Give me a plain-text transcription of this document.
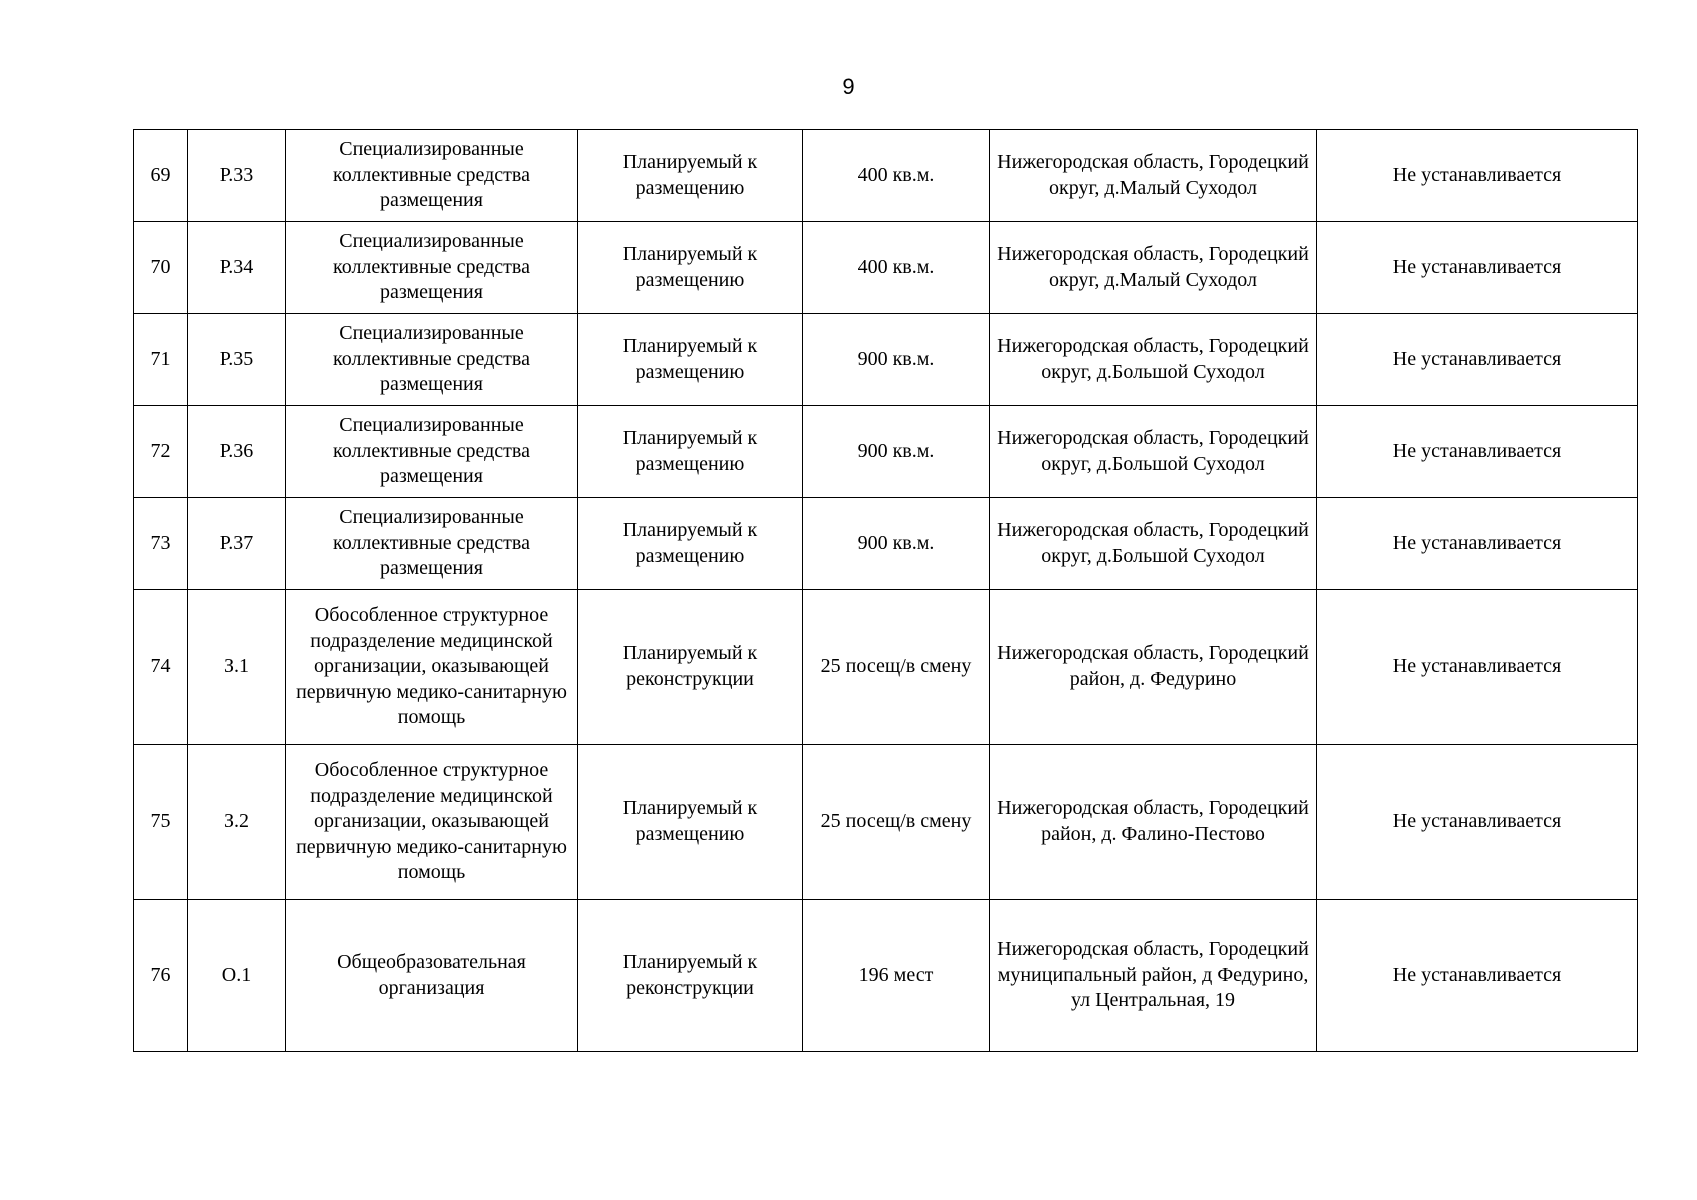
9
69	Р.33	Специализированные коллективные средства размещения	Планируемый к размещению	400 кв.м.	Нижегородская область, Городецкий округ, д.Малый Суходол	Не устанавливается
70	Р.34	Специализированные коллективные средства размещения	Планируемый к размещению	400 кв.м.	Нижегородская область, Городецкий округ, д.Малый Суходол	Не устанавливается
71	Р.35	Специализированные коллективные средства размещения	Планируемый к размещению	900 кв.м.	Нижегородская область, Городецкий округ, д.Большой Суходол	Не устанавливается
72	Р.36	Специализированные коллективные средства размещения	Планируемый к размещению	900 кв.м.	Нижегородская область, Городецкий округ, д.Большой Суходол	Не устанавливается
73	Р.37	Специализированные коллективные средства размещения	Планируемый к размещению	900 кв.м.	Нижегородская область, Городецкий округ, д.Большой Суходол	Не устанавливается
74	З.1	Обособленное структурное подразделение медицинской организации, оказывающей первичную медико-санитарную помощь	Планируемый к реконструкции	25 посещ/в смену	Нижегородская область, Городецкий район, д. Федурино	Не устанавливается
75	З.2	Обособленное структурное подразделение медицинской организации, оказывающей первичную медико-санитарную помощь	Планируемый к размещению	25 посещ/в смену	Нижегородская область, Городецкий район, д. Фалино-Пестово	Не устанавливается
76	О.1	Общеобразовательная организация	Планируемый к реконструкции	196 мест	Нижегородская область, Городецкий муниципальный район, д Федурино, ул Центральная, 19	Не устанавливается
